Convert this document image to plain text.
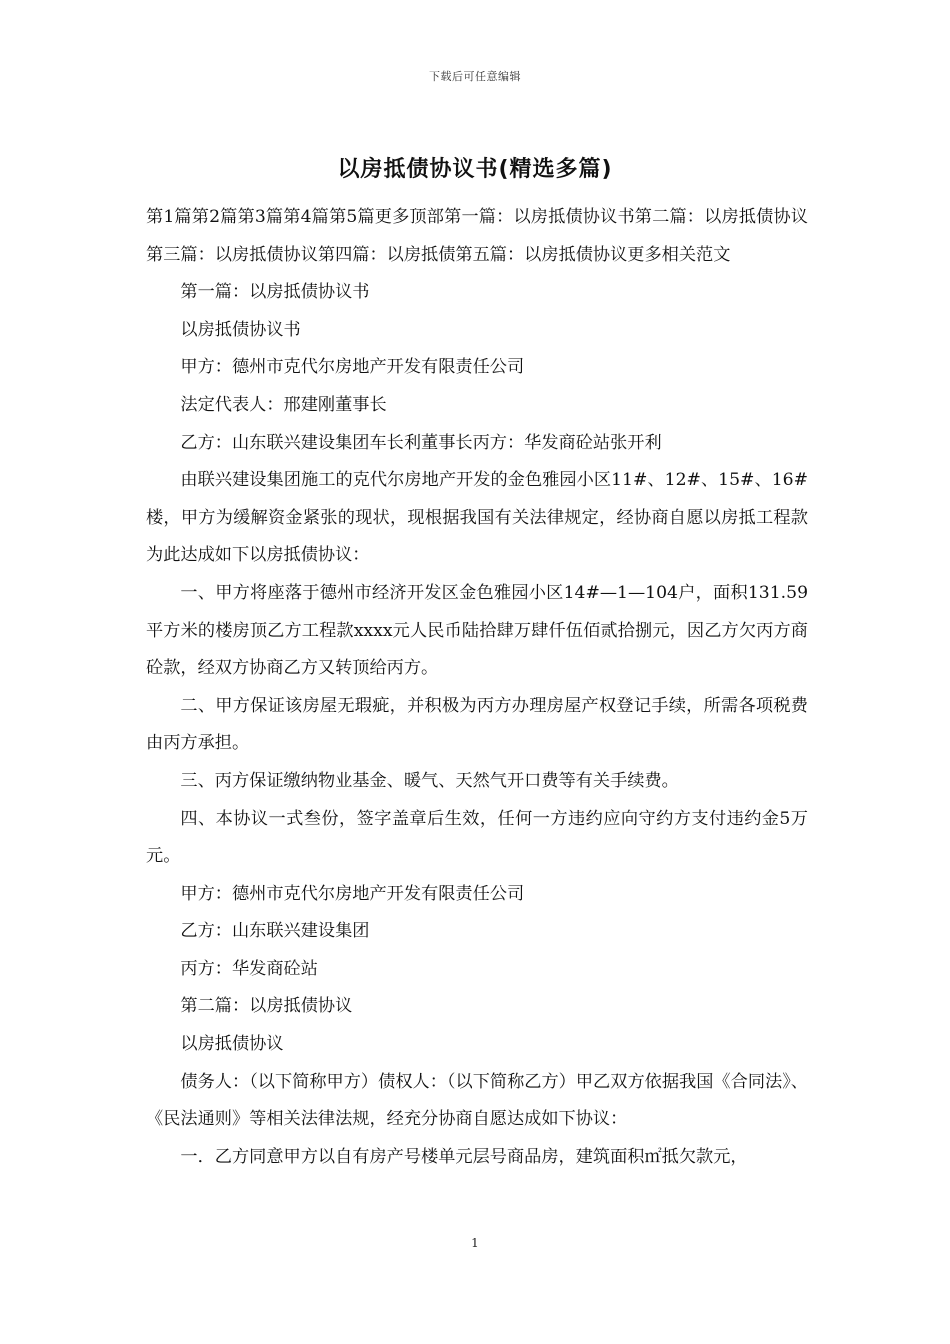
下载后可任意编辑
以房抵债协议书(精选多篇)

第1篇第2篇第3篇第4篇第5篇更多顶部第一篇：以房抵债协议书第二篇：以房抵债协议第三篇：以房抵债协议第四篇：以房抵债第五篇：以房抵债协议更多相关范文

第一篇：以房抵债协议书

以房抵债协议书

甲方：德州市克代尔房地产开发有限责任公司

法定代表人：邢建刚董事长

乙方：山东联兴建设集团车长利董事长丙方：华发商砼站张开利

由联兴建设集团施工的克代尔房地产开发的金色雅园小区11#、12#、15#、16#楼，甲方为缓解资金紧张的现状，现根据我国有关法律规定，经协商自愿以房抵工程款为此达成如下以房抵债协议：

一、甲方将座落于德州市经济开发区金色雅园小区14#—1—104户，面积131.59平方米的楼房顶乙方工程款xxxx元人民币陆拾肆万肆仟伍佰贰拾捌元，因乙方欠丙方商砼款，经双方协商乙方又转顶给丙方。

二、甲方保证该房屋无瑕疵，并积极为丙方办理房屋产权登记手续，所需各项税费由丙方承担。

三、丙方保证缴纳物业基金、暖气、天然气开口费等有关手续费。

四、本协议一式叁份，签字盖章后生效，任何一方违约应向守约方支付违约金5万元。

甲方：德州市克代尔房地产开发有限责任公司

乙方：山东联兴建设集团

丙方：华发商砼站

第二篇：以房抵债协议

以房抵债协议

债务人：（以下简称甲方）债权人：（以下简称乙方）甲乙双方依据我国《合同法》、《民法通则》等相关法律法规，经充分协商自愿达成如下协议：

一．乙方同意甲方以自有房产号楼单元层号商品房，建筑面积㎡抵欠款元，

1
